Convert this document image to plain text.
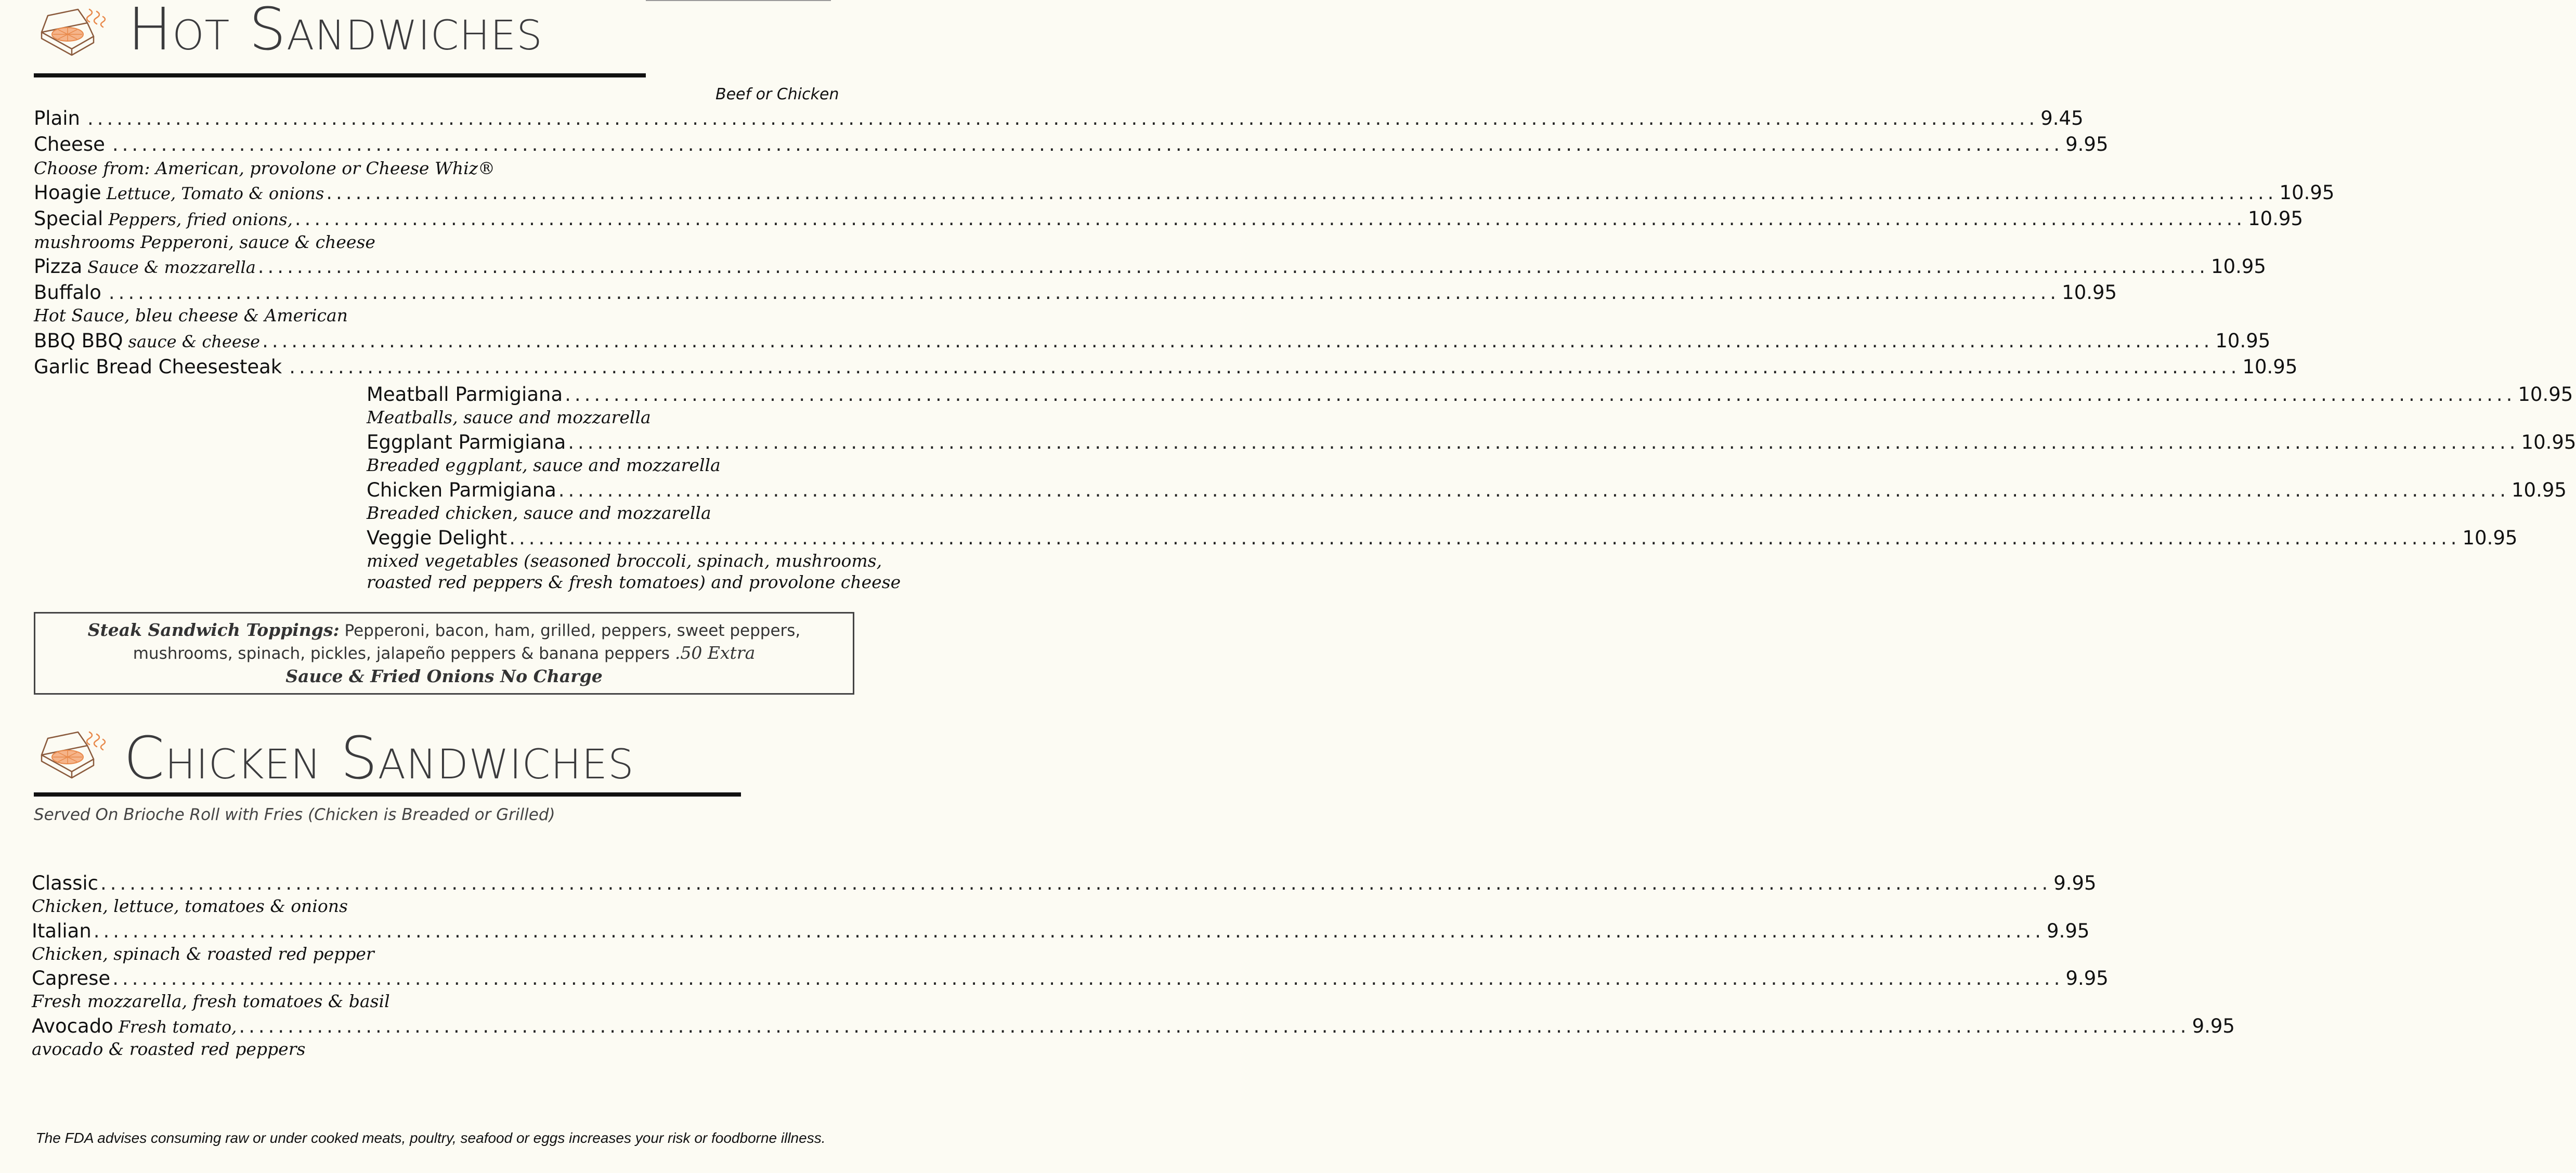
Hot Sandwiches
Beef or Chicken
Plain ........................................................................................................................................................................................................ 9.45
Cheese ........................................................................................................................................................................................................ 9.95
Choose from: American, provolone or Cheese Whiz®
Hoagie Lettuce, Tomato & onions ........................................................................................................................................................................................................ 10.95
Special Peppers, fried onions, ........................................................................................................................................................................................................ 10.95
mushrooms Pepperoni, sauce & cheese
Pizza Sauce & mozzarella ........................................................................................................................................................................................................ 10.95
Buffalo ........................................................................................................................................................................................................ 10.95
Hot Sauce, bleu cheese & American
BBQ BBQ sauce & cheese ........................................................................................................................................................................................................ 10.95
Garlic Bread Cheesesteak ........................................................................................................................................................................................................ 10.95
Meatball Parmigiana ........................................................................................................................................................................................................ 10.95
Meatballs, sauce and mozzarella
Eggplant Parmigiana ........................................................................................................................................................................................................ 10.95
Breaded eggplant, sauce and mozzarella
Chicken Parmigiana ........................................................................................................................................................................................................ 10.95
Breaded chicken, sauce and mozzarella
Veggie Delight ........................................................................................................................................................................................................ 10.95
mixed vegetables (seasoned broccoli, spinach, mushrooms,
roasted red peppers & fresh tomatoes) and provolone cheese
Steak Sandwich Toppings: Pepperoni, bacon, ham, grilled, peppers, sweet peppers,
mushrooms, spinach, pickles, jalapeño peppers & banana peppers .50 Extra
Sauce & Fried Onions No Charge
Chicken Sandwiches
Served On Brioche Roll with Fries (Chicken is Breaded or Grilled)
Classic ........................................................................................................................................................................................................ 9.95
Chicken, lettuce, tomatoes & onions
Italian ........................................................................................................................................................................................................ 9.95
Chicken, spinach & roasted red pepper
Caprese ........................................................................................................................................................................................................ 9.95
Fresh mozzarella, fresh tomatoes & basil
Avocado Fresh tomato, ........................................................................................................................................................................................................ 9.95
avocado & roasted red peppers
The FDA advises consuming raw or under cooked meats, poultry, seafood or eggs increases your risk or foodborne illness.
